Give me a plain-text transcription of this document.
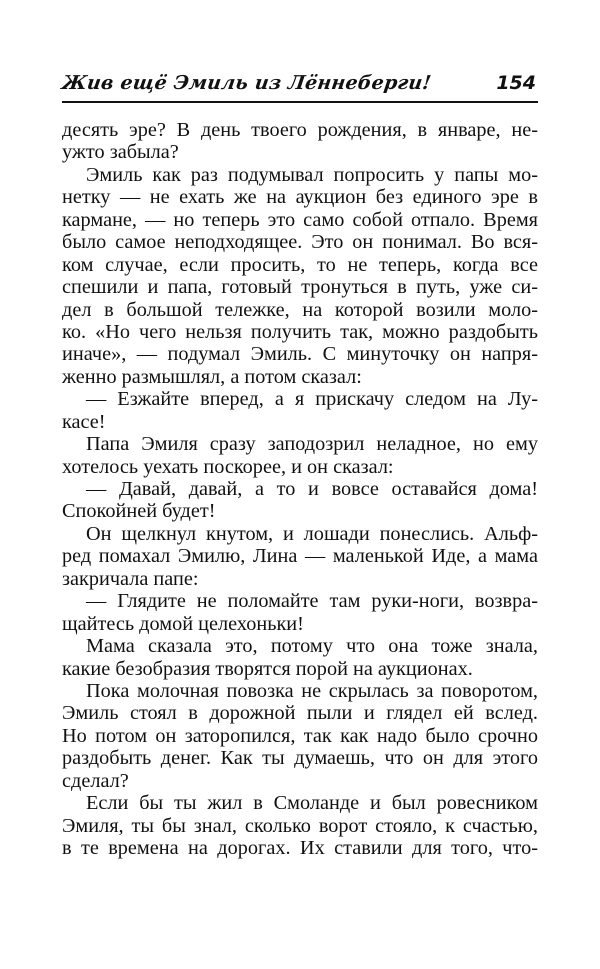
Жив ещё Эмиль из Лённеберги!	154
десять эре? В день твоего рождения, в январе, не-
ужто забыла?
Эмиль как раз подумывал попросить у папы мо-
нетку — не ехать же на аукцион без единого эре в
кармане, — но теперь это само собой отпало. Время
было самое неподходящее. Это он понимал. Во вся-
ком случае, если просить, то не теперь, когда все
спешили и папа, готовый тронуться в путь, уже си-
дел в большой тележке, на которой возили моло-
ко. «Но чего нельзя получить так, можно раздобыть
иначе», — подумал Эмиль. С минуточку он напря-
женно размышлял, а потом сказал:
— Езжайте вперед, а я прискачу следом на Лу-
касе!
Папа Эмиля сразу заподозрил неладное, но ему
хотелось уехать поскорее, и он сказал:
— Давай, давай, а то и вовсе оставайся дома!
Спокойней будет!
Он щелкнул кнутом, и лошади понеслись. Альф-
ред помахал Эмилю, Лина — маленькой Иде, а мама
закричала папе:
— Глядите не поломайте там руки-ноги, возвра-
щайтесь домой целехоньки!
Мама сказала это, потому что она тоже знала,
какие безобразия творятся порой на аукционах.
Пока молочная повозка не скрылась за поворотом,
Эмиль стоял в дорожной пыли и глядел ей вслед.
Но потом он заторопился, так как надо было срочно
раздобыть денег. Как ты думаешь, что он для этого
сделал?
Если бы ты жил в Смоланде и был ровесником
Эмиля, ты бы знал, сколько ворот стояло, к счастью,
в те времена на дорогах. Их ставили для того, что-
